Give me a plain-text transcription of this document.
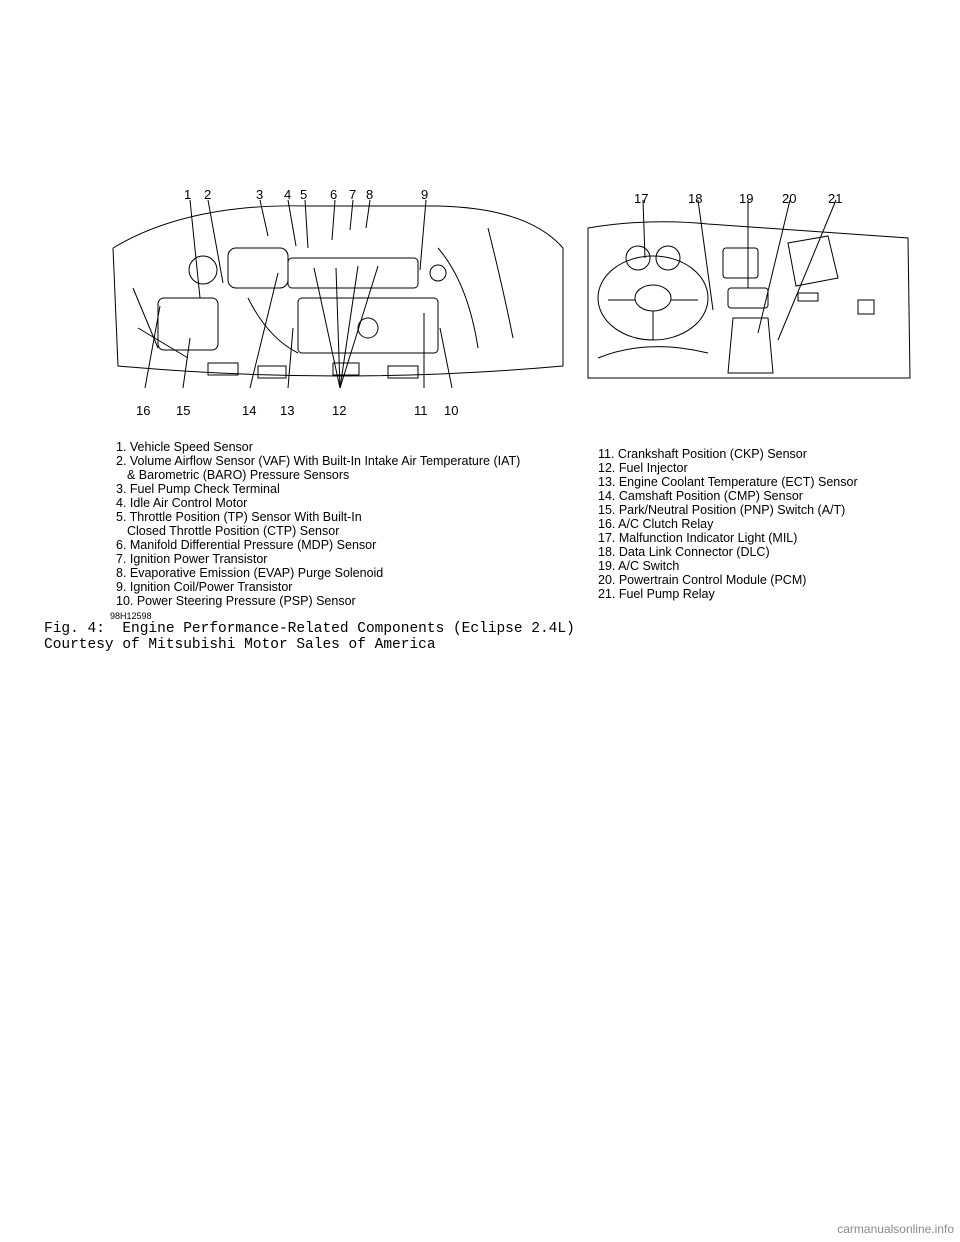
1 2	3 4 5 6 7 8	9
16 15	14 13	12	11 10
17	18	19 20 21
1. Vehicle Speed Sensor
2. Volume Airflow Sensor (VAF) With Built-In Intake Air Temperature (IAT)
& Barometric (BARO) Pressure Sensors
3. Fuel Pump Check Terminal
4. Idle Air Control Motor
5. Throttle Position (TP) Sensor With Built-In
Closed Throttle Position (CTP) Sensor
6. Manifold Differential Pressure (MDP) Sensor
7. Ignition Power Transistor
8. Evaporative Emission (EVAP) Purge Solenoid
9. Ignition Coil/Power Transistor
10. Power Steering Pressure (PSP) Sensor
11. Crankshaft Position (CKP) Sensor
12. Fuel Injector
13. Engine Coolant Temperature (ECT) Sensor
14. Camshaft Position (CMP) Sensor
15. Park/Neutral Position (PNP) Switch (A/T)
16. A/C Clutch Relay
17. Malfunction Indicator Light (MIL)
18. Data Link Connector (DLC)
19. A/C Switch
20. Powertrain Control Module (PCM)
21. Fuel Pump Relay
98H12598
Fig. 4:  Engine Performance-Related Components (Eclipse 2.4L)
Courtesy of Mitsubishi Motor Sales of America
carmanualsonline.info
